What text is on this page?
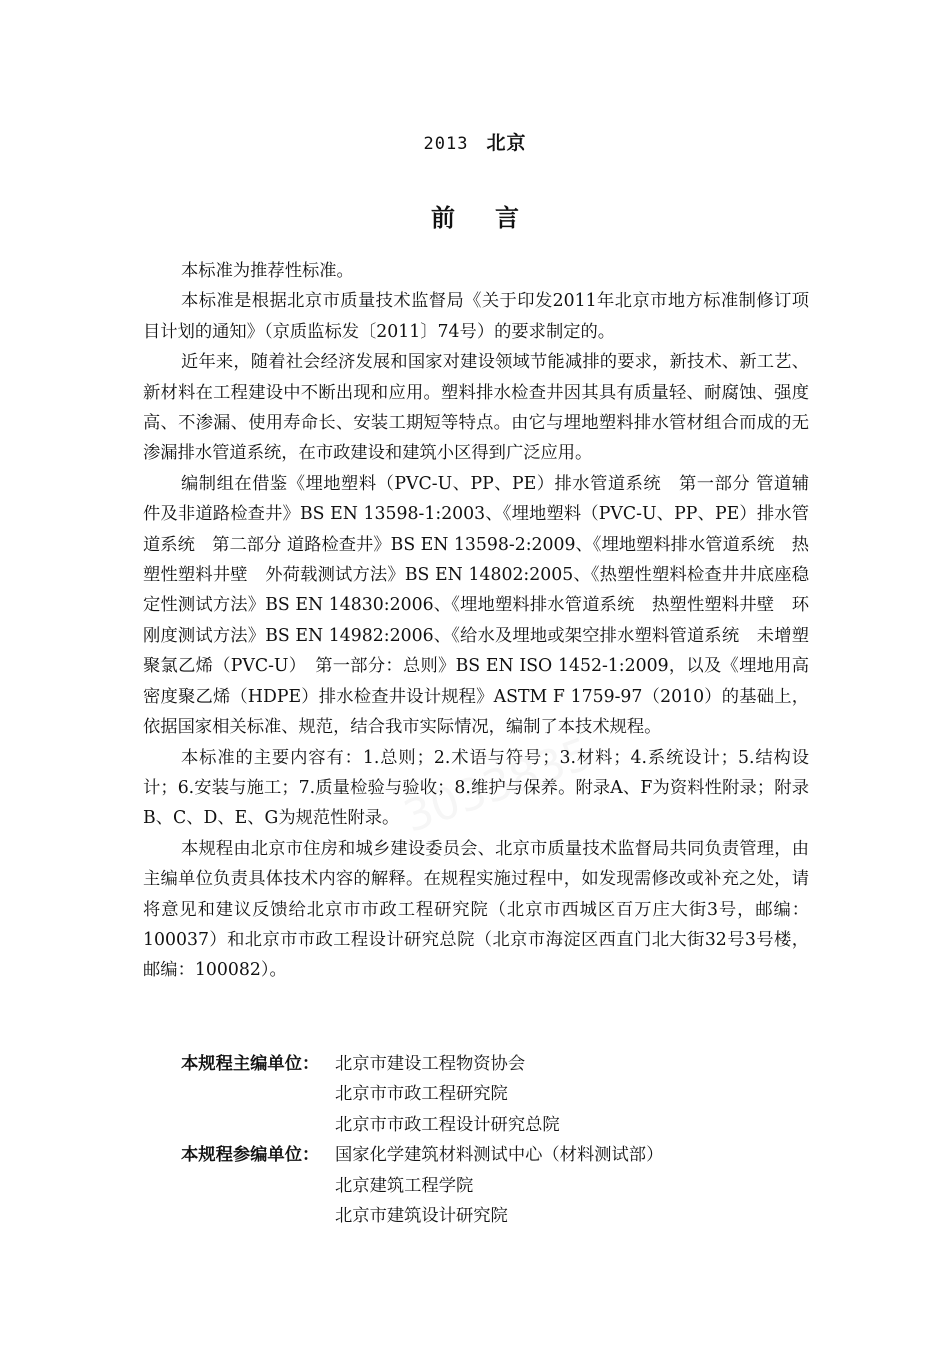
2013 北京
前言

本标准为推荐性标准。

本标准是根据北京市质量技术监督局《关于印发2011年北京市地方标准制修订项目计划的通知》（京质监标发〔2011〕74号）的要求制定的。

近年来，随着社会经济发展和国家对建设领域节能减排的要求，新技术、新工艺、新材料在工程建设中不断出现和应用。塑料排水检查井因其具有质量轻、耐腐蚀、强度高、不渗漏、使用寿命长、安装工期短等特点。由它与埋地塑料排水管材组合而成的无渗漏排水管道系统，在市政建设和建筑小区得到广泛应用。

编制组在借鉴《埋地塑料（PVC-U、PP、PE）排水管道系统　第一部分 管道辅件及非道路检查井》BS EN 13598-1:2003、《埋地塑料（PVC-U、PP、PE）排水管道系统　第二部分 道路检查井》BS EN 13598-2:2009、《埋地塑料排水管道系统　热塑性塑料井壁　外荷载测试方法》BS EN 14802:2005、《热塑性塑料检查井井底座稳定性测试方法》BS EN 14830:2006、《埋地塑料排水管道系统　热塑性塑料井壁　环刚度测试方法》BS EN 14982:2006、《给水及埋地或架空排水塑料管道系统　未增塑聚氯乙烯（PVC-U）　第一部分：总则》BS EN ISO 1452-1:2009，以及《埋地用高密度聚乙烯（HDPE）排水检查井设计规程》ASTM F 1759-97（2010）的基础上，依据国家相关标准、规范，结合我市实际情况，编制了本技术规程。

本标准的主要内容有：1.总则；2.术语与符号；3.材料；4.系统设计；5.结构设计；6.安装与施工；7.质量检验与验收；8.维护与保养。附录A、F为资料性附录；附录 B、C、D、E、G为规范性附录。

本规程由北京市住房和城乡建设委员会、北京市质量技术监督局共同负责管理，由主编单位负责具体技术内容的解释。在规程实施过程中，如发现需修改或补充之处，请将意见和建议反馈给北京市市政工程研究院（北京市西城区百万庄大街3号，邮编：100037）和北京市市政工程设计研究总院（北京市海淀区西直门北大街32号3号楼，邮编：100082）。

本规程主编单位： 北京市建设工程物资协会
北京市市政工程研究院
北京市市政工程设计研究总院
本规程参编单位： 国家化学建筑材料测试中心（材料测试部）
北京建筑工程学院
北京市建筑设计研究院
